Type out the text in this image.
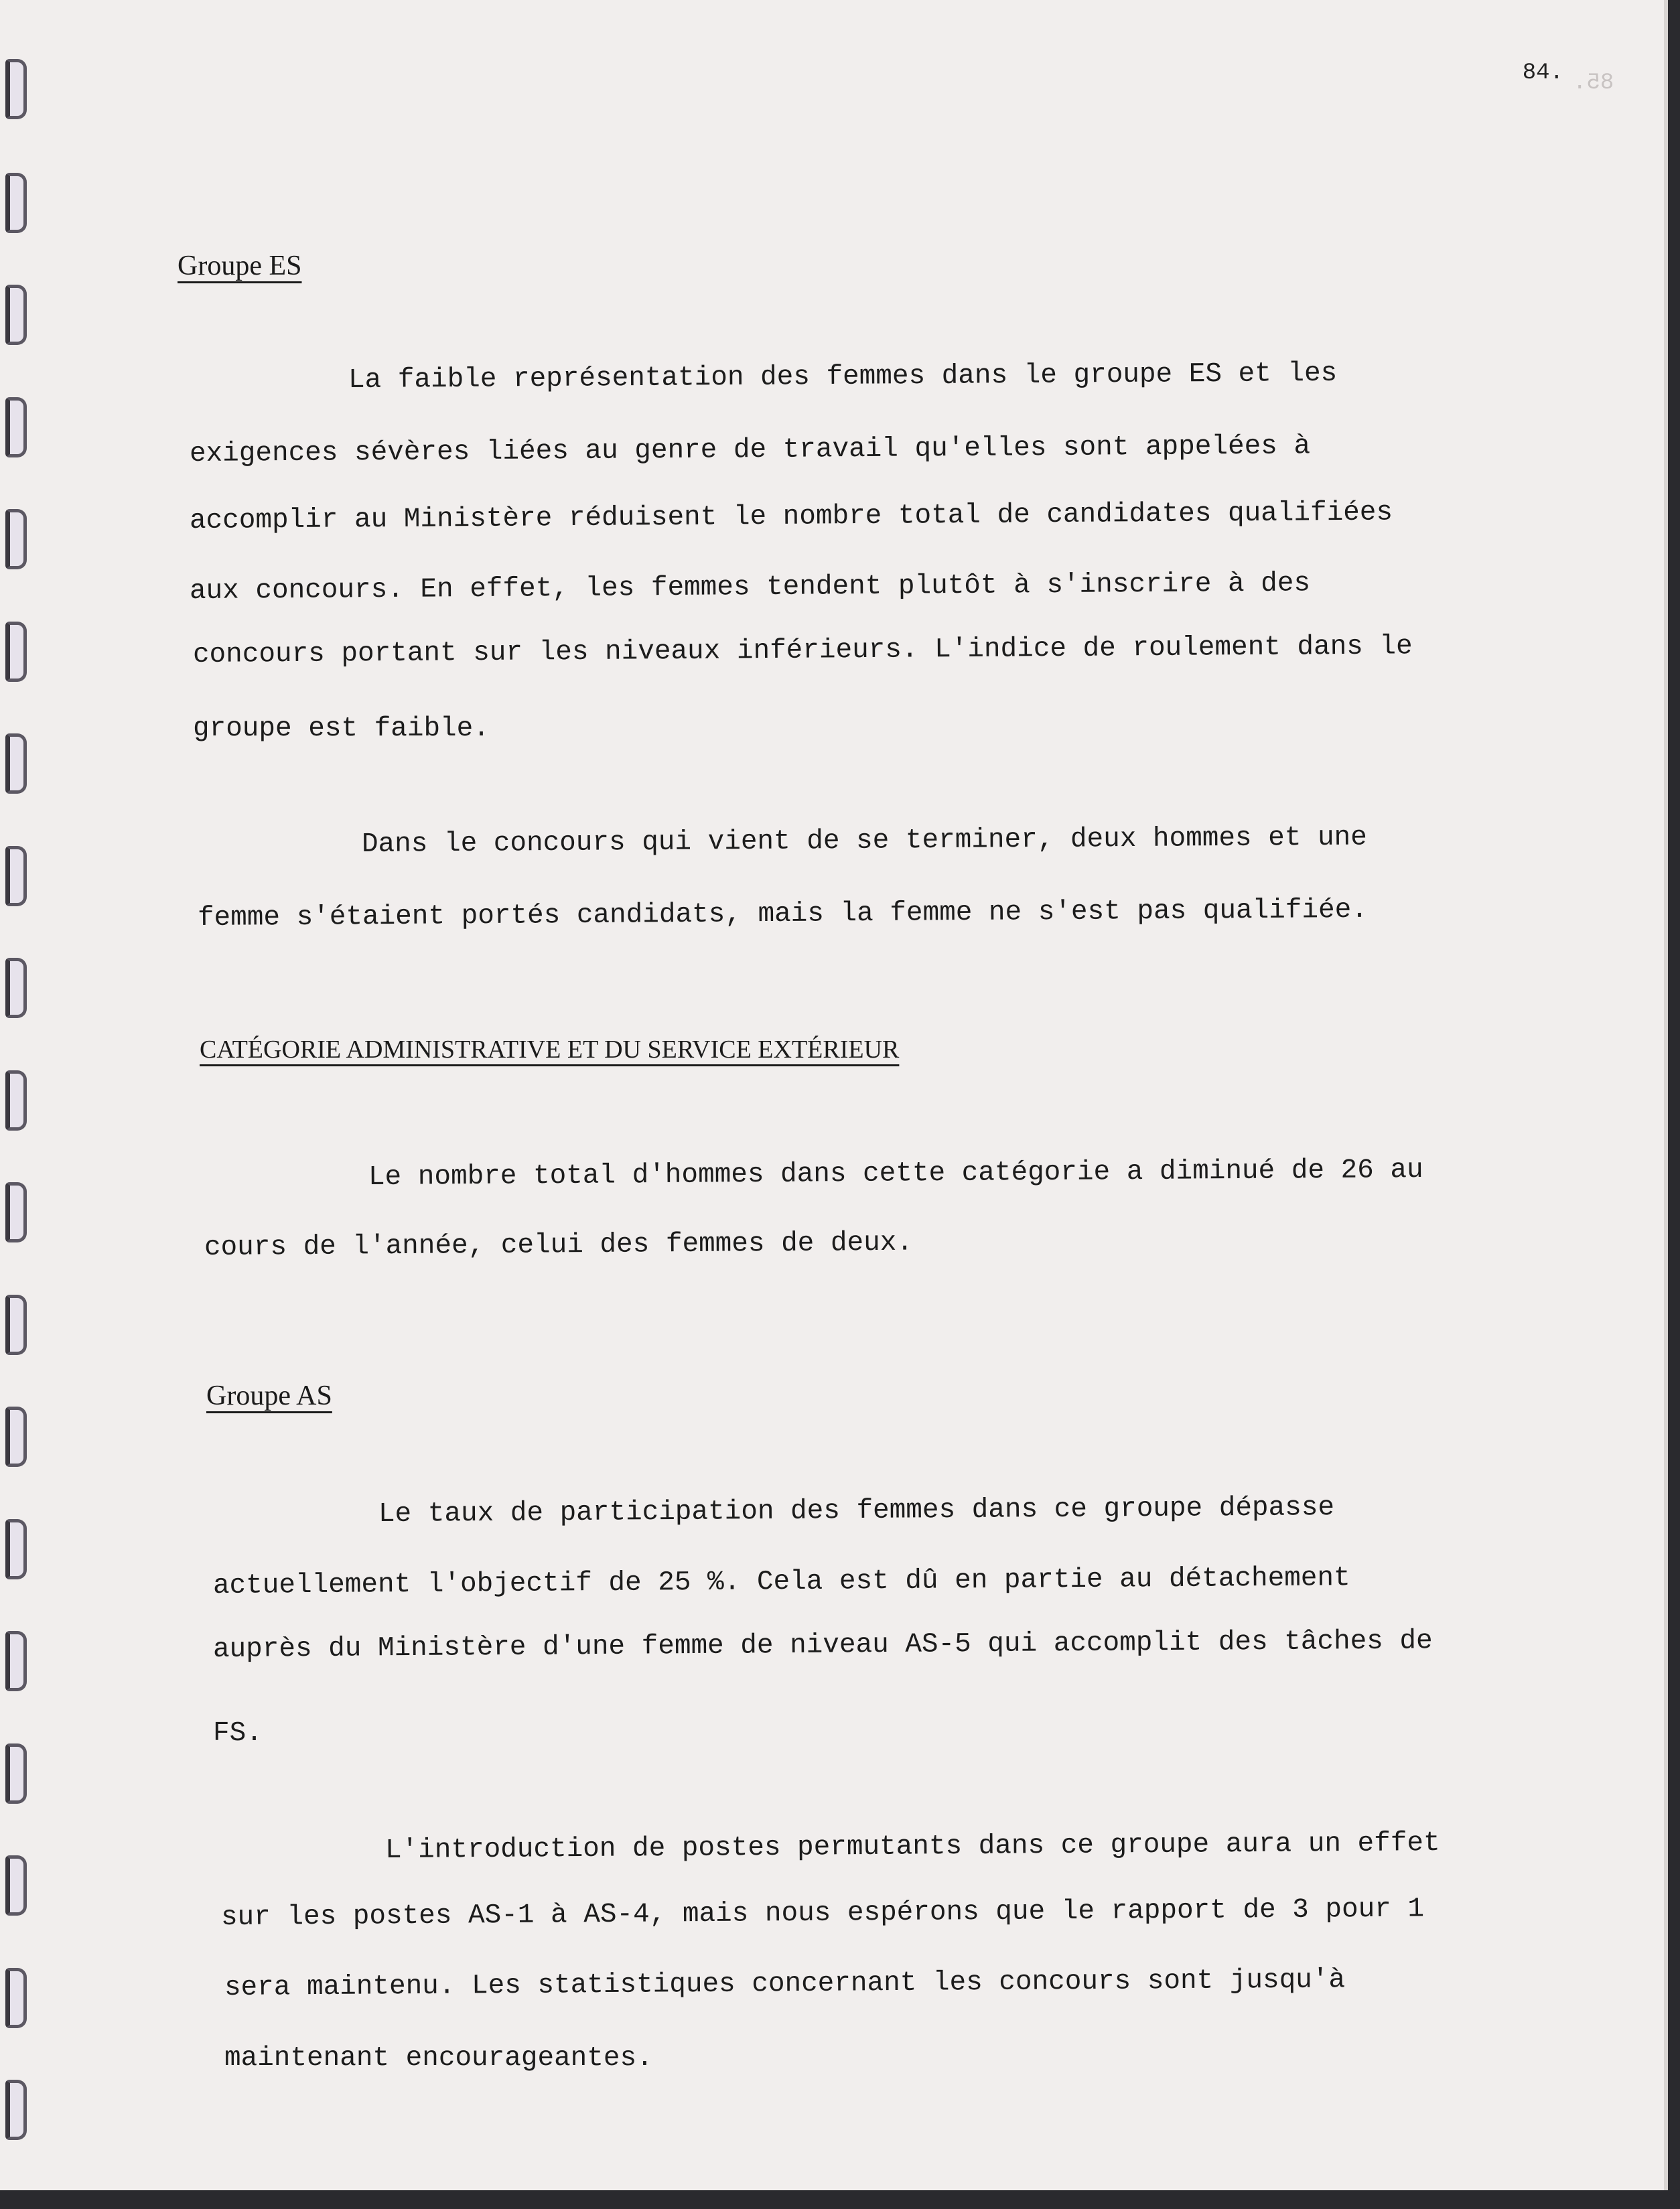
84. 85.
Groupe ES
La faible représentation des femmes dans le groupe ES et les
exigences sévères liées au genre de travail qu'elles sont appelées à
accomplir au Ministère réduisent le nombre total de candidates qualifiées
aux concours. En effet, les femmes tendent plutôt à s'inscrire à des
concours portant sur les niveaux inférieurs. L'indice de roulement dans le
groupe est faible.
Dans le concours qui vient de se terminer, deux hommes et une
femme s'étaient portés candidats, mais la femme ne s'est pas qualifiée.
CATÉGORIE ADMINISTRATIVE ET DU SERVICE EXTÉRIEUR
Le nombre total d'hommes dans cette catégorie a diminué de 26 au
cours de l'année, celui des femmes de deux.
Groupe AS
Le taux de participation des femmes dans ce groupe dépasse
actuellement l'objectif de 25 %. Cela est dû en partie au détachement
auprès du Ministère d'une femme de niveau AS-5 qui accomplit des tâches de
FS.
L'introduction de postes permutants dans ce groupe aura un effet
sur les postes AS-1 à AS-4, mais nous espérons que le rapport de 3 pour 1
sera maintenu. Les statistiques concernant les concours sont jusqu'à
maintenant encourageantes.
